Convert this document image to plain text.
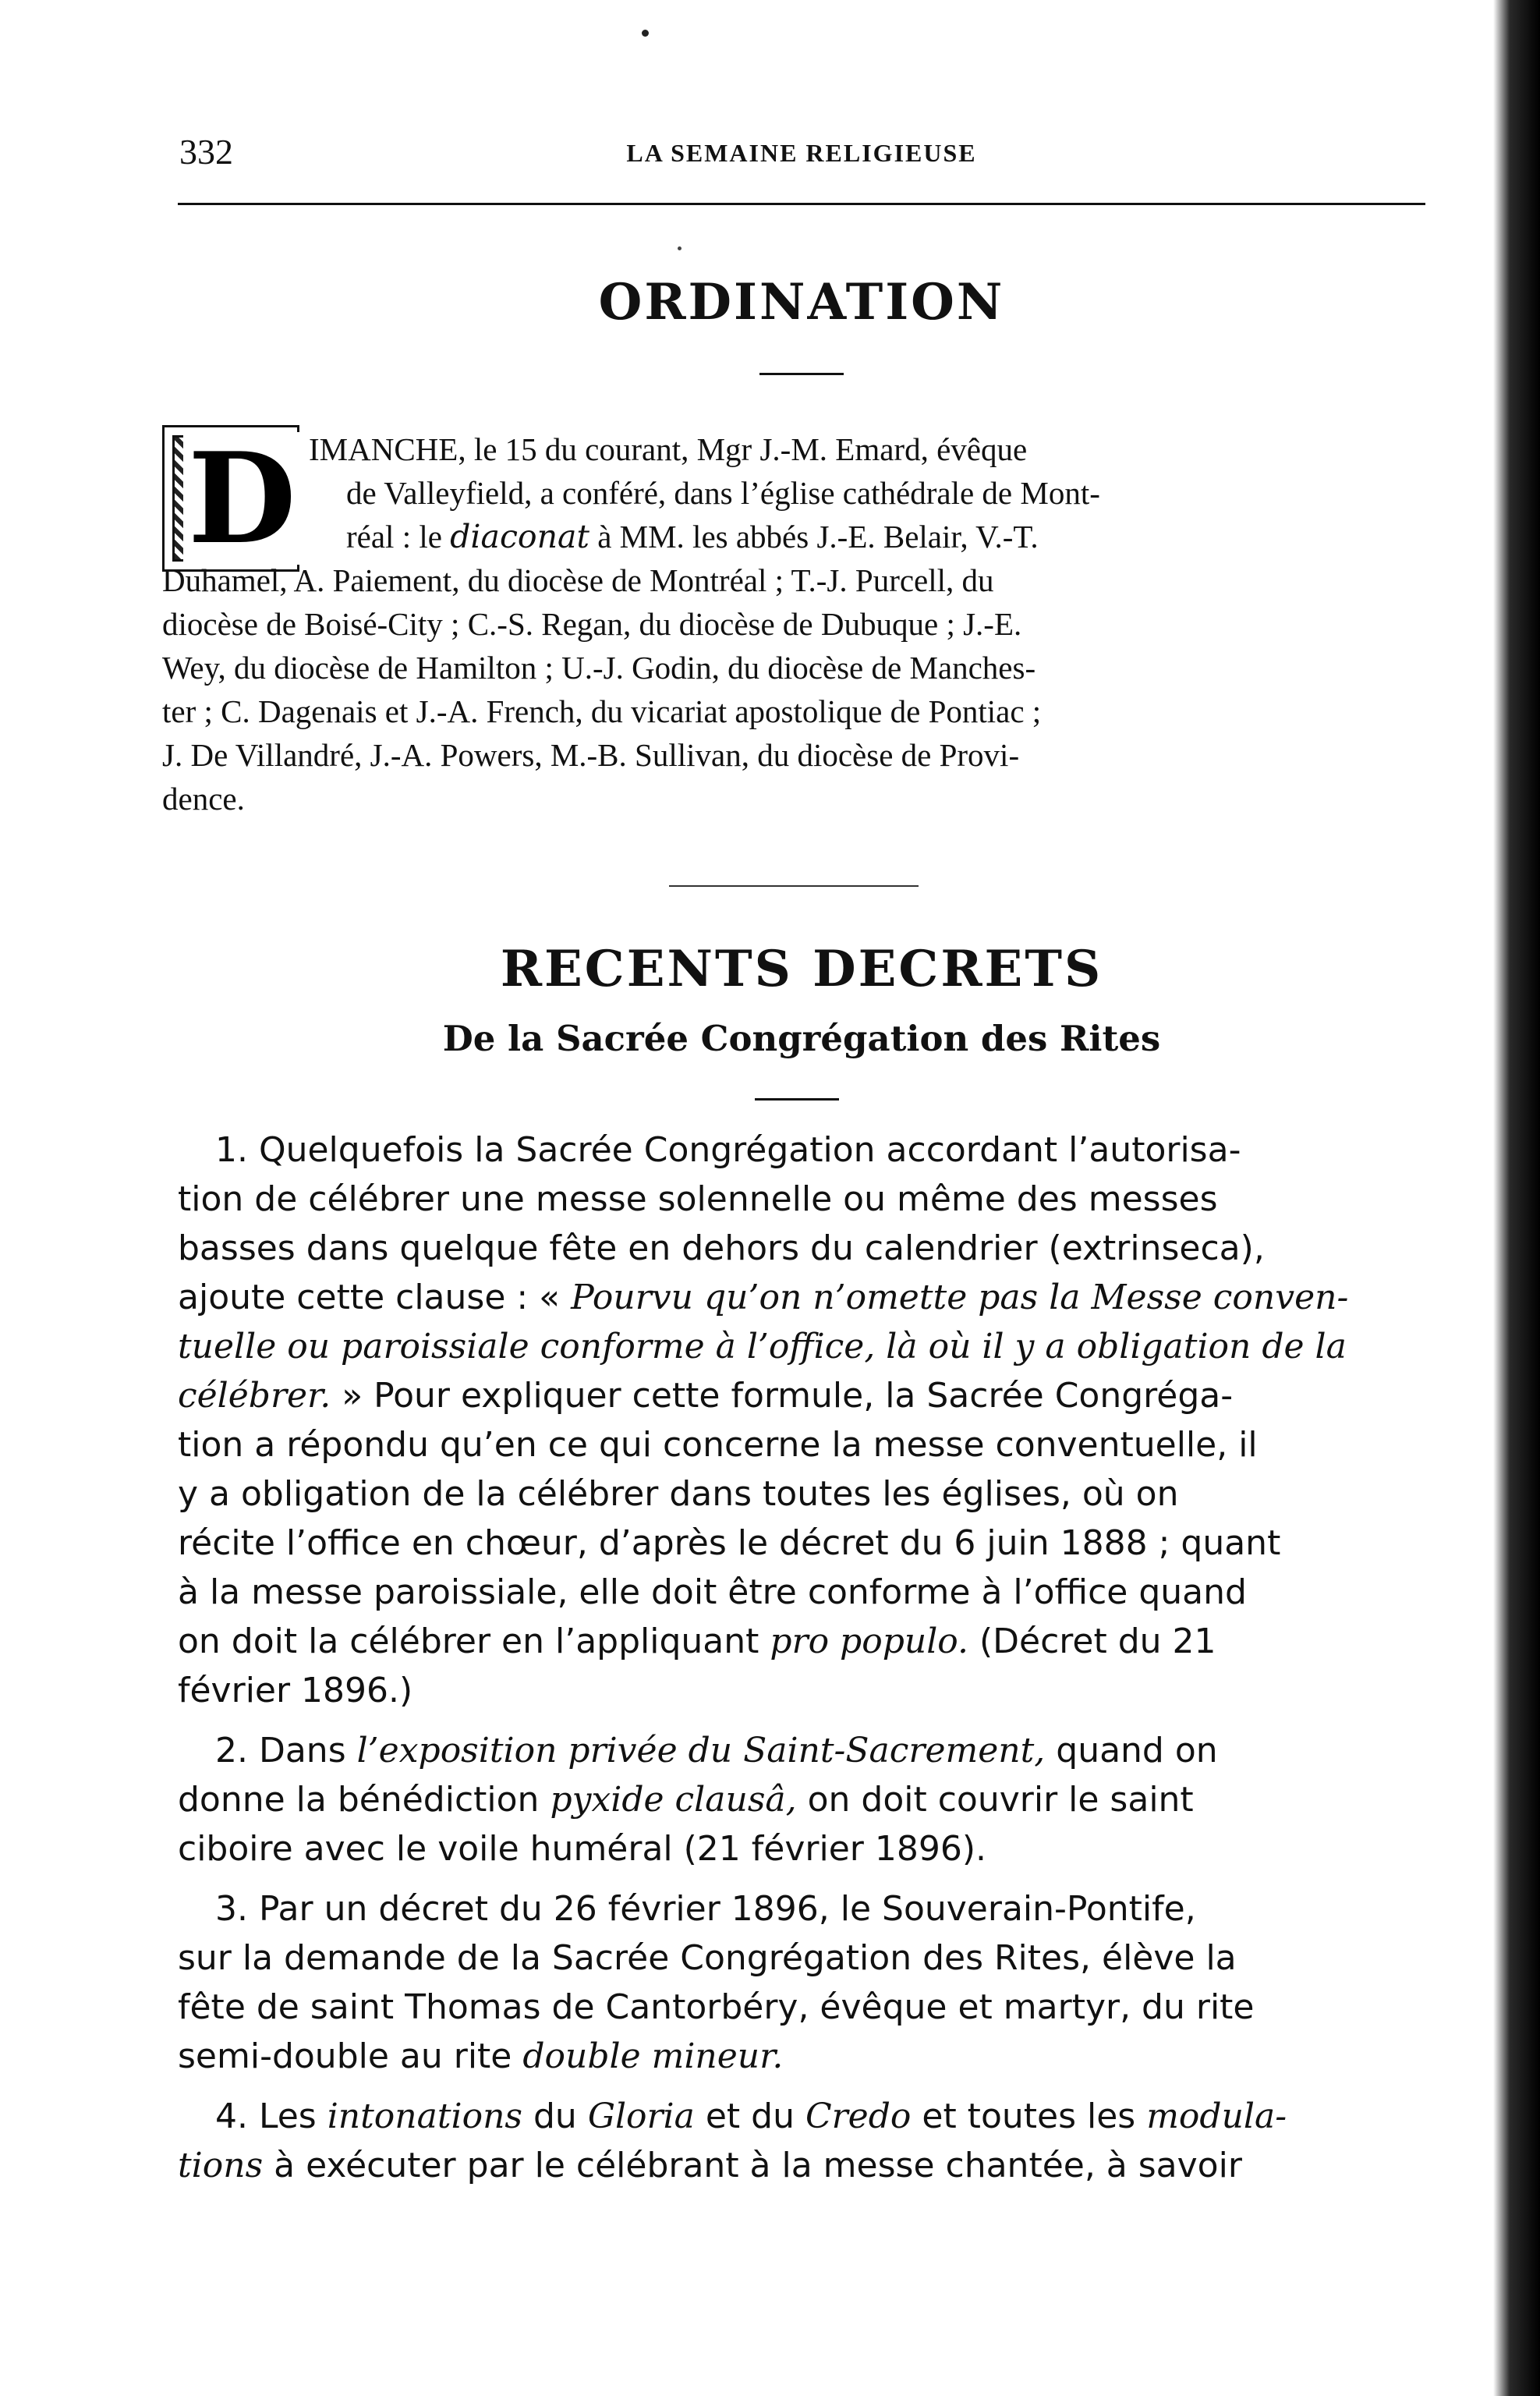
332	LA SEMAINE RELIGIEUSE
ORDINATION
D IMANCHE, le 15 du courant, Mgr J.-M. Emard, évêque
de Valleyfield, a conféré, dans l’église cathédrale de Mont-
réal : le diaconat à MM. les abbés J.-E. Belair, V.-T.
Duhamel, A. Paiement, du diocèse de Montréal ; T.-J. Purcell, du
diocèse de Boisé-City ; C.-S. Regan, du diocèse de Dubuque ; J.-E.
Wey, du diocèse de Hamilton ; U.-J. Godin, du diocèse de Manches-
ter ; C. Dagenais et J.-A. French, du vicariat apostolique de Pontiac ;
J. De Villandré, J.-A. Powers, M.-B. Sullivan, du diocèse de Provi-
dence.
RECENTS DECRETS
De la Sacrée Congrégation des Rites
1. Quelquefois la Sacrée Congrégation accordant l’autorisa-
tion de célébrer une messe solennelle ou même des messes
basses dans quelque fête en dehors du calendrier (extrinseca),
ajoute cette clause : « Pourvu qu’on n’omette pas la Messe conven-
tuelle ou paroissiale conforme à l’office, là où il y a obligation de la
célébrer. » Pour expliquer cette formule, la Sacrée Congréga-
tion a répondu qu’en ce qui concerne la messe conventuelle, il
y a obligation de la célébrer dans toutes les églises, où on
récite l’office en chœur, d’après le décret du 6 juin 1888 ; quant
à la messe paroissiale, elle doit être conforme à l’office quand
on doit la célébrer en l’appliquant pro populo. (Décret du 21
février 1896.)
2. Dans l’exposition privée du Saint-Sacrement, quand on
donne la bénédiction pyxide clausâ, on doit couvrir le saint
ciboire avec le voile huméral (21 février 1896).
3. Par un décret du 26 février 1896, le Souverain-Pontife,
sur la demande de la Sacrée Congrégation des Rites, élève la
fête de saint Thomas de Cantorbéry, évêque et martyr, du rite
semi-double au rite double mineur.
4. Les intonations du Gloria et du Credo et toutes les modula-
tions à exécuter par le célébrant à la messe chantée, à savoir
